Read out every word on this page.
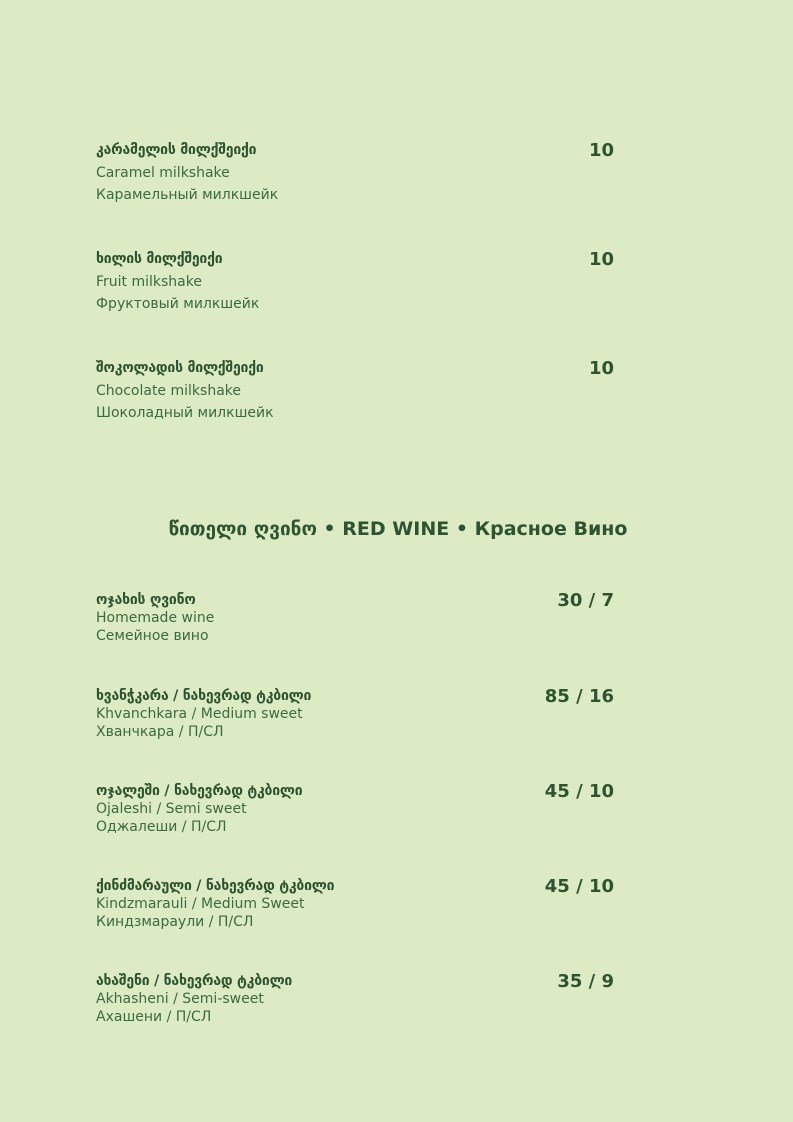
10
კარამელის მილქშეიქი
Caramel milkshake
Карамельный милкшейк
10
ხილის მილქშეიქი
Fruit milkshake
Фруктовый милкшейк
10
შოკოლადის მილქშეიქი
Chocolate milkshake
Шоколадный милкшейк
წითელი ღვინო • RED WINE • Красное Вино
30 / 7
ოჯახის ღვინო
Homemade wine
Семейное вино
85 / 16
ხვანჭკარა / ნახევრად ტკბილი
Khvanchkara / Medium sweet
Хванчкара / П/СЛ
45 / 10
ოჯალეში / ნახევრად ტკბილი
Ojaleshi / Semi sweet
Оджалеши / П/СЛ
45 / 10
ქინძმარაული / ნახევრად ტკბილი
Kindzmarauli / Medium Sweet
Киндзмараули / П/СЛ
35 / 9
ახაშენი / ნახევრად ტკბილი
Akhasheni / Semi-sweet
Ахашени / П/СЛ
